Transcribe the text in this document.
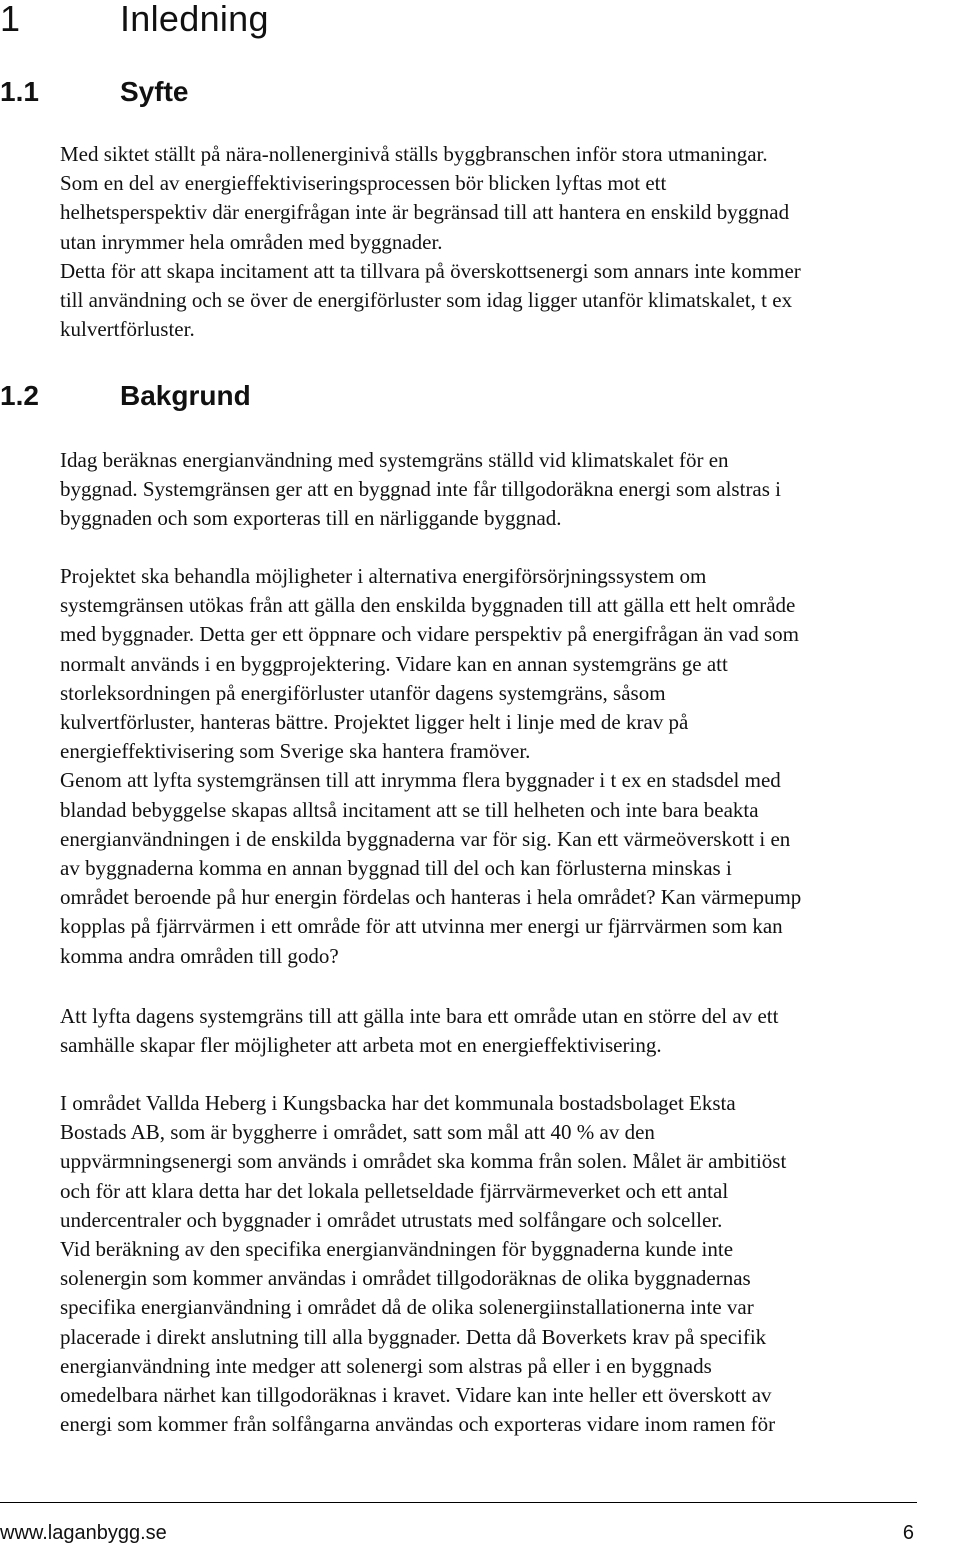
1	Inledning
1.1	Syfte

Med siktet ställt på nära-nollenerginivå ställs byggbranschen inför stora utmaningar.
Som en del av energieffektiviseringsprocessen bör blicken lyftas mot ett
helhetsperspektiv där energifrågan inte är begränsad till att hantera en enskild byggnad
utan inrymmer hela områden med byggnader.
Detta för att skapa incitament att ta tillvara på överskottsenergi som annars inte kommer
till användning och se över de energiförluster som idag ligger utanför klimatskalet, t ex
kulvertförluster.

1.2	Bakgrund

Idag beräknas energianvändning med systemgräns ställd vid klimatskalet för en
byggnad. Systemgränsen ger att en byggnad inte får tillgodoräkna energi som alstras i
byggnaden och som exporteras till en närliggande byggnad.

Projektet ska behandla möjligheter i alternativa energiförsörjningssystem om
systemgränsen utökas från att gälla den enskilda byggnaden till att gälla ett helt område
med byggnader. Detta ger ett öppnare och vidare perspektiv på energifrågan än vad som
normalt används i en byggprojektering. Vidare kan en annan systemgräns ge att
storleksordningen på energiförluster utanför dagens systemgräns, såsom
kulvertförluster, hanteras bättre. Projektet ligger helt i linje med de krav på
energieffektivisering som Sverige ska hantera framöver.
Genom att lyfta systemgränsen till att inrymma flera byggnader i t ex en stadsdel med
blandad bebyggelse skapas alltså incitament att se till helheten och inte bara beakta
energianvändningen i de enskilda byggnaderna var för sig. Kan ett värmeöverskott i en
av byggnaderna komma en annan byggnad till del och kan förlusterna minskas i
området beroende på hur energin fördelas och hanteras i hela området? Kan värmepump
kopplas på fjärrvärmen i ett område för att utvinna mer energi ur fjärrvärmen som kan
komma andra områden till godo?

Att lyfta dagens systemgräns till att gälla inte bara ett område utan en större del av ett
samhälle skapar fler möjligheter att arbeta mot en energieffektivisering.

I området Vallda Heberg i Kungsbacka har det kommunala bostadsbolaget Eksta
Bostads AB, som är byggherre i området, satt som mål att 40 % av den
uppvärmningsenergi som används i området ska komma från solen. Målet är ambitiöst
och för att klara detta har det lokala pelletseldade fjärrvärmeverket och ett antal
undercentraler och byggnader i området utrustats med solfångare och solceller.
Vid beräkning av den specifika energianvändningen för byggnaderna kunde inte
solenergin som kommer användas i området tillgodoräknas de olika byggnadernas
specifika energianvändning i området då de olika solenergiinstallationerna inte var
placerade i direkt anslutning till alla byggnader. Detta då Boverkets krav på specifik
energianvändning inte medger att solenergi som alstras på eller i en byggnads
omedelbara närhet kan tillgodoräknas i kravet. Vidare kan inte heller ett överskott av
energi som kommer från solfångarna användas och exporteras vidare inom ramen för

www.laganbygg.se	6
